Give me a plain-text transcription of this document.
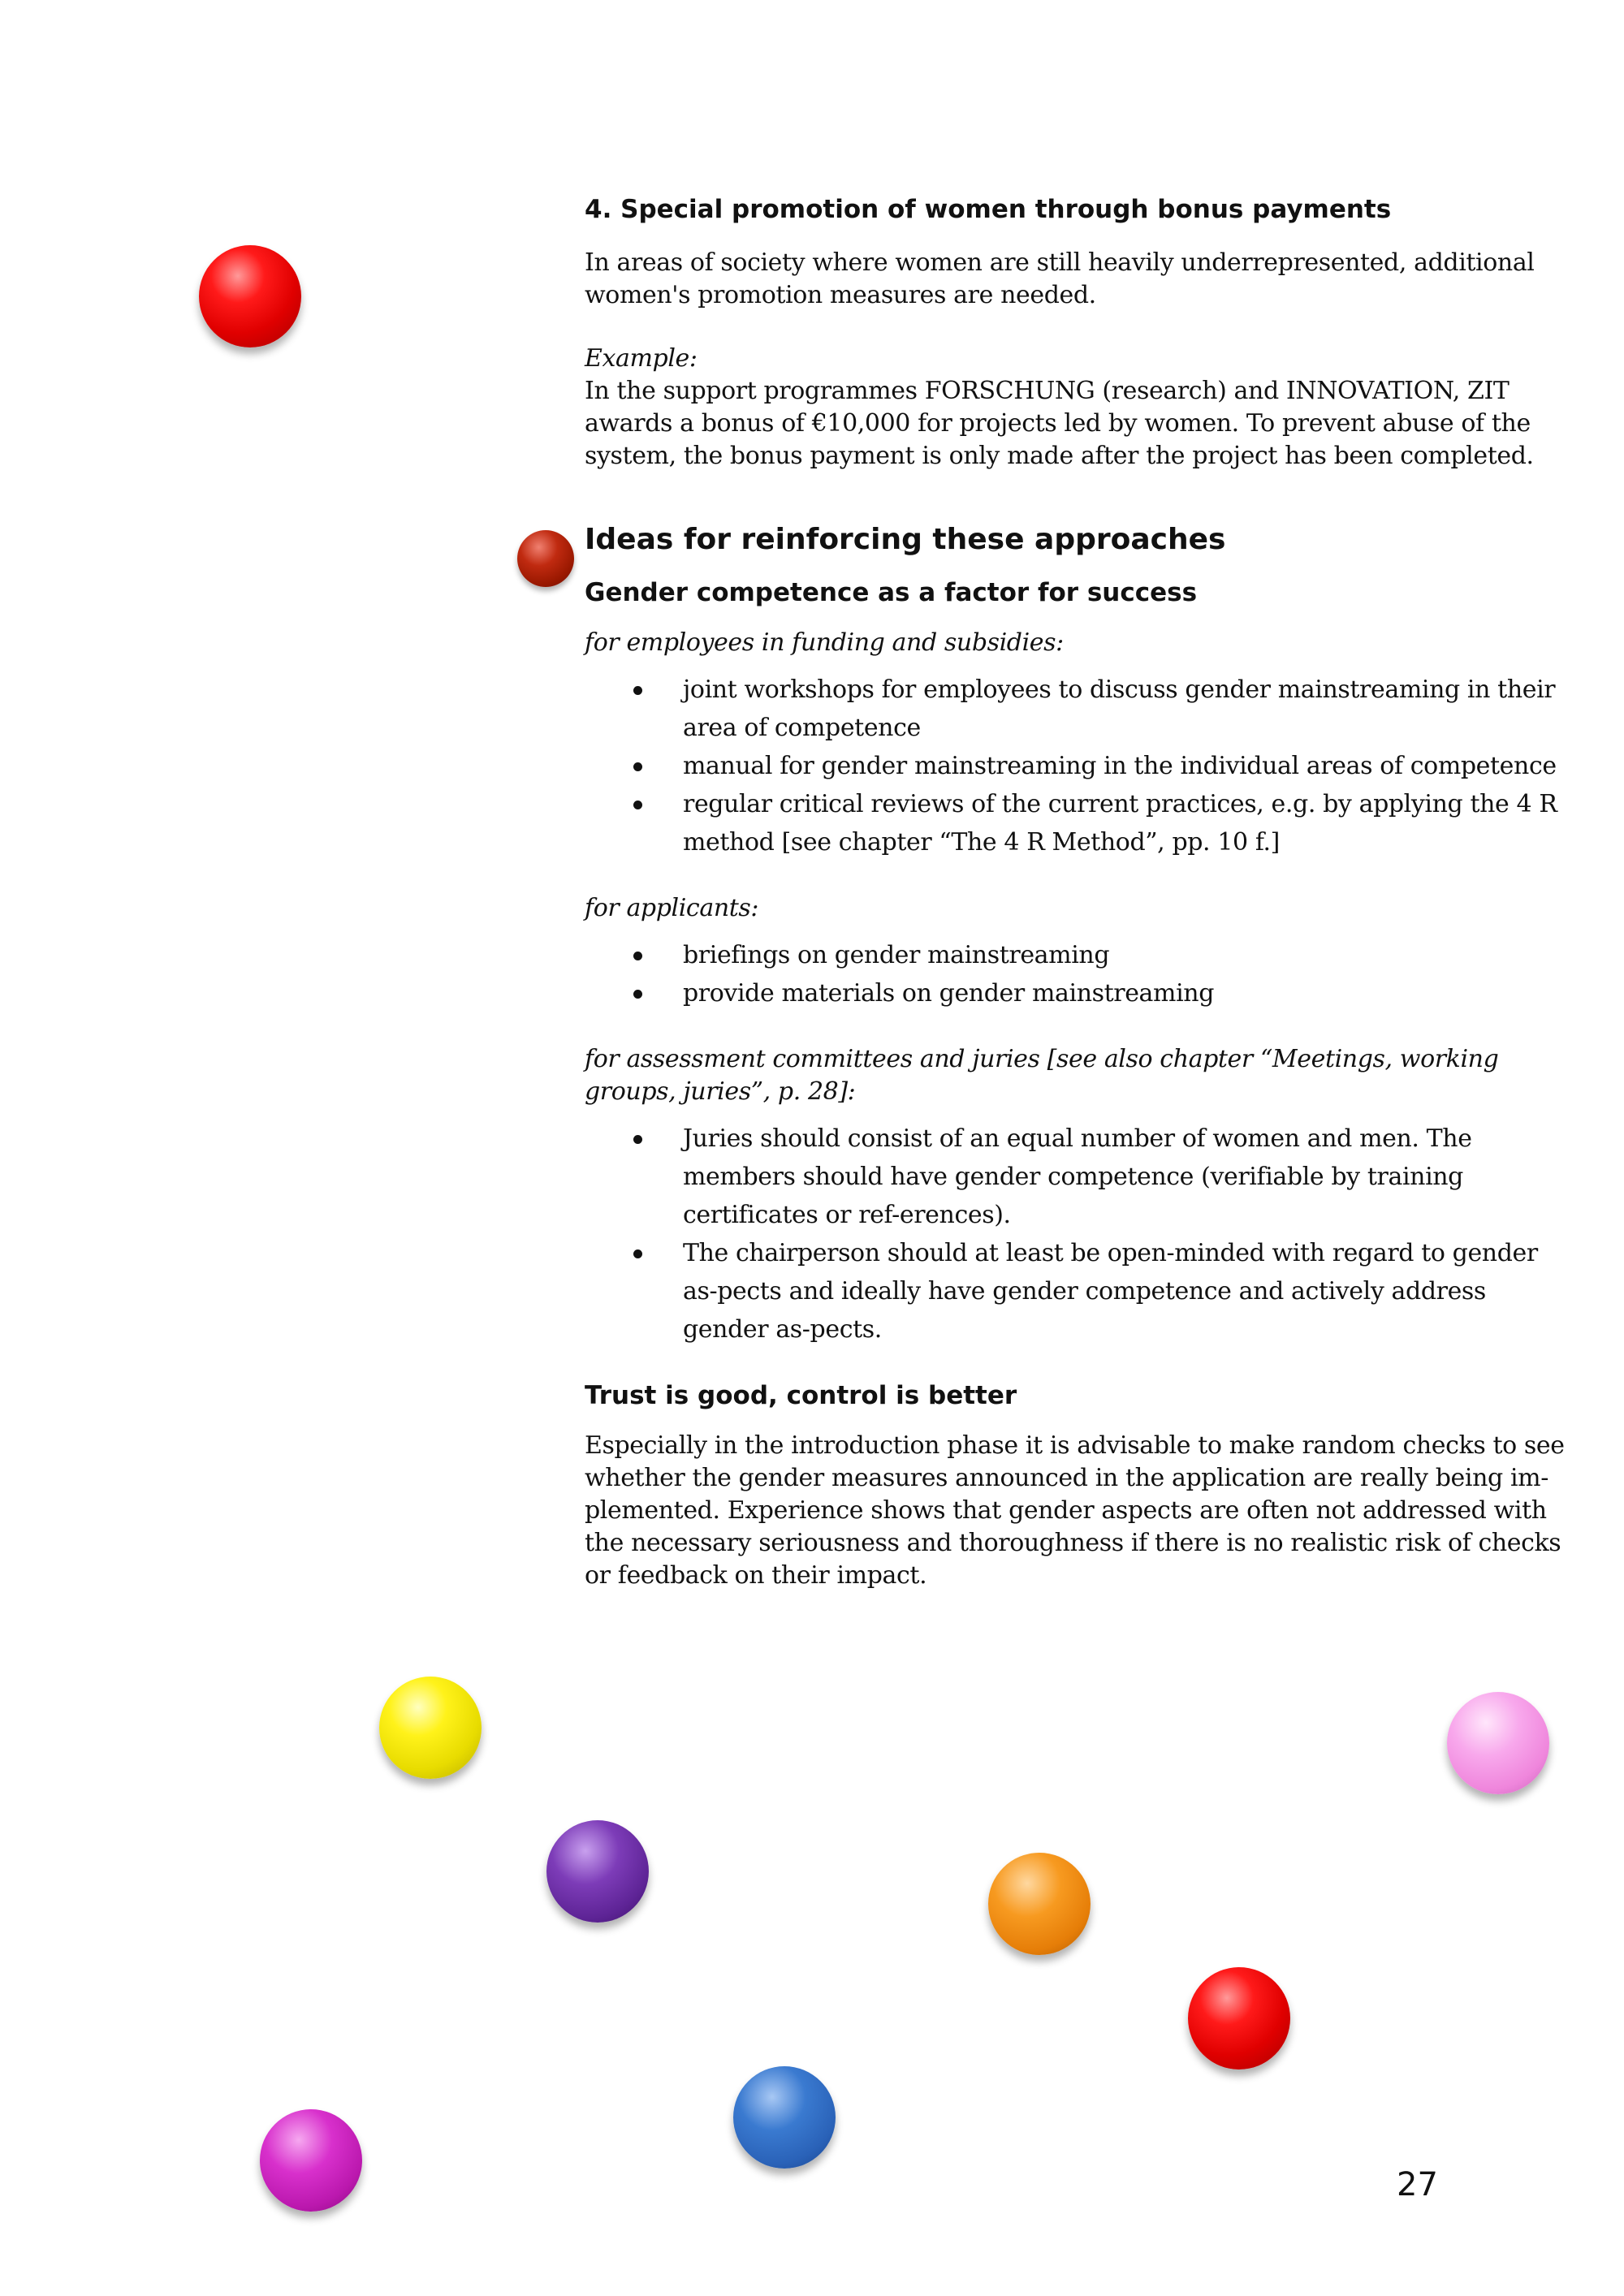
4. Special promotion of women through bonus payments

In areas of society where women are still heavily underrepresented, additional women's promotion measures are needed.

Example:

In the support programmes FORSCHUNG (research) and INNOVATION, ZIT awards a bonus of €10,000 for projects led by women. To prevent abuse of the system, the bonus payment is only made after the project has been completed.

Ideas for reinforcing these approaches
Gender competence as a factor for success

for employees in funding and subsidies:

joint workshops for employees to discuss gender mainstreaming in their area of competence
manual for gender mainstreaming in the individual areas of competence
regular critical reviews of the current practices, e.g. by applying the 4 R method [see chapter “The 4 R Method”, pp. 10 f.]

for applicants:

briefings on gender mainstreaming
provide materials on gender mainstreaming

for assessment committees and juries [see also chapter “Meetings, working groups, juries”, p. 28]:

Juries should consist of an equal number of women and men. The members should have gender competence (verifiable by training certificates or ref-erences).
The chairperson should at least be open-minded with regard to gender as-pects and ideally have gender competence and actively address gender as-pects.
Trust is good, control is better

Especially in the introduction phase it is advisable to make random checks to see whether the gender measures announced in the application are really being im-plemented. Experience shows that gender aspects are often not addressed with the necessary seriousness and thoroughness if there is no realistic risk of checks or feedback on their impact.

27
